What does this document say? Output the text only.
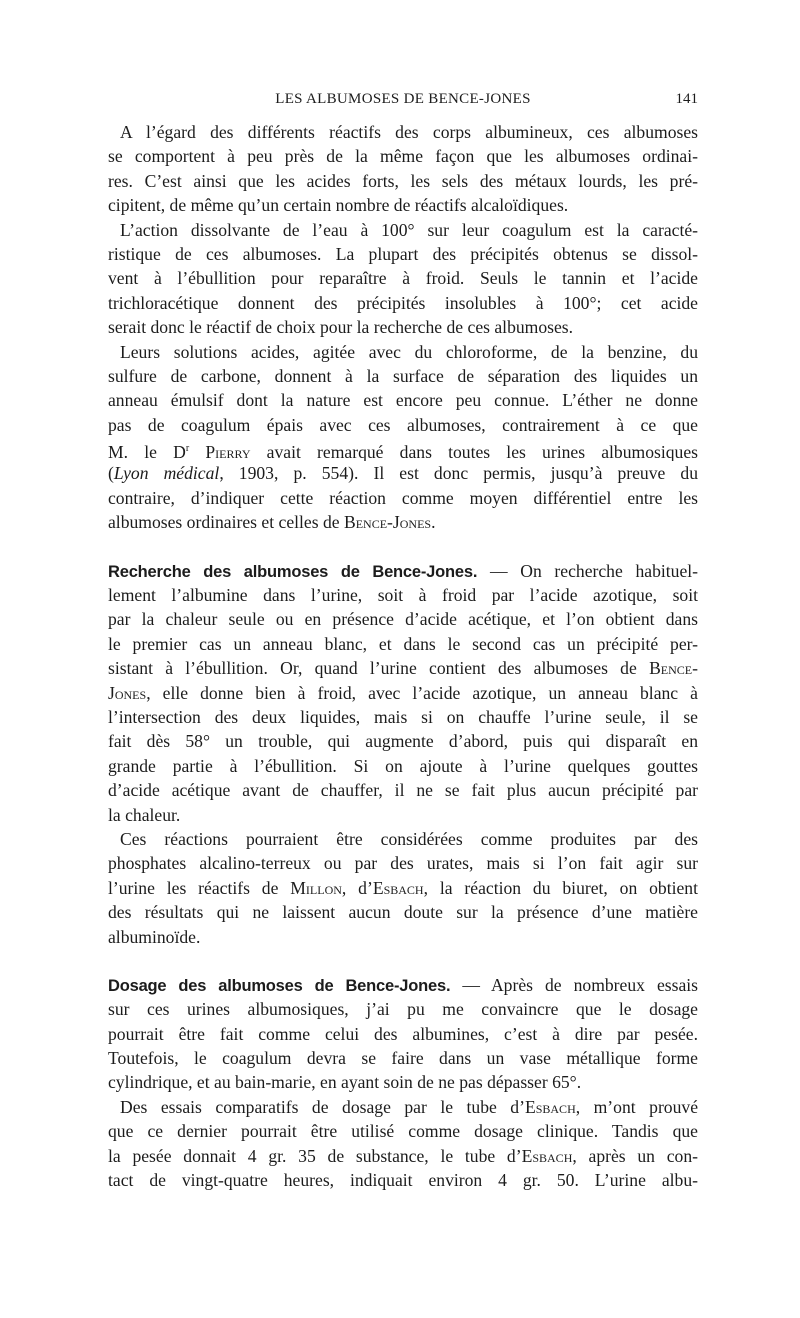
LES ALBUMOSES DE BENCE-JONES	141

A l’égard des différents réactifs des corps albumineux, ces albumoses
se comportent à peu près de la même façon que les albumoses ordinai-
res. C’est ainsi que les acides forts, les sels des métaux lourds, les pré-
cipitent, de même qu’un certain nombre de réactifs alcaloïdiques.

L’action dissolvante de l’eau à 100° sur leur coagulum est la caracté-
ristique de ces albumoses. La plupart des précipités obtenus se dissol-
vent à l’ébullition pour reparaître à froid. Seuls le tannin et l’acide
trichloracétique donnent des précipités insolubles à 100°; cet acide
serait donc le réactif de choix pour la recherche de ces albumoses.

Leurs solutions acides, agitée avec du chloroforme, de la benzine, du
sulfure de carbone, donnent à la surface de séparation des liquides un
anneau émulsif dont la nature est encore peu connue. L’éther ne donne
pas de coagulum épais avec ces albumoses, contrairement à ce que
M. le $D^r$ Pierry avait remarqué dans toutes les urines albumosiques
(Lyon médical, 1903, p. 554). Il est donc permis, jusqu’à preuve du
contraire, d’indiquer cette réaction comme moyen différentiel entre les
albumoses ordinaires et celles de Bence-Jones.

Recherche des albumoses de Bence-Jones. — On recherche habituel-
lement l’albumine dans l’urine, soit à froid par l’acide azotique, soit
par la chaleur seule ou en présence d’acide acétique, et l’on obtient dans
le premier cas un anneau blanc, et dans le second cas un précipité per-
sistant à l’ébullition. Or, quand l’urine contient des albumoses de Bence-
Jones, elle donne bien à froid, avec l’acide azotique, un anneau blanc à
l’intersection des deux liquides, mais si on chauffe l’urine seule, il se
fait dès 58° un trouble, qui augmente d’abord, puis qui disparaît en
grande partie à l’ébullition. Si on ajoute à l’urine quelques gouttes
d’acide acétique avant de chauffer, il ne se fait plus aucun précipité par
la chaleur.

Ces réactions pourraient être considérées comme produites par des
phosphates alcalino-terreux ou par des urates, mais si l’on fait agir sur
l’urine les réactifs de Millon, d’Esbach, la réaction du biuret, on obtient
des résultats qui ne laissent aucun doute sur la présence d’une matière
albuminoïde.

Dosage des albumoses de Bence-Jones. — Après de nombreux essais
sur ces urines albumosiques, j’ai pu me convaincre que le dosage
pourrait être fait comme celui des albumines, c’est à dire par pesée.
Toutefois, le coagulum devra se faire dans un vase métallique forme
cylindrique, et au bain-marie, en ayant soin de ne pas dépasser 65°.

Des essais comparatifs de dosage par le tube d’Esbach, m’ont prouvé
que ce dernier pourrait être utilisé comme dosage clinique. Tandis que
la pesée donnait 4 gr. 35 de substance, le tube d’Esbach, après un con-
tact de vingt-quatre heures, indiquait environ 4 gr. 50. L’urine albu-
